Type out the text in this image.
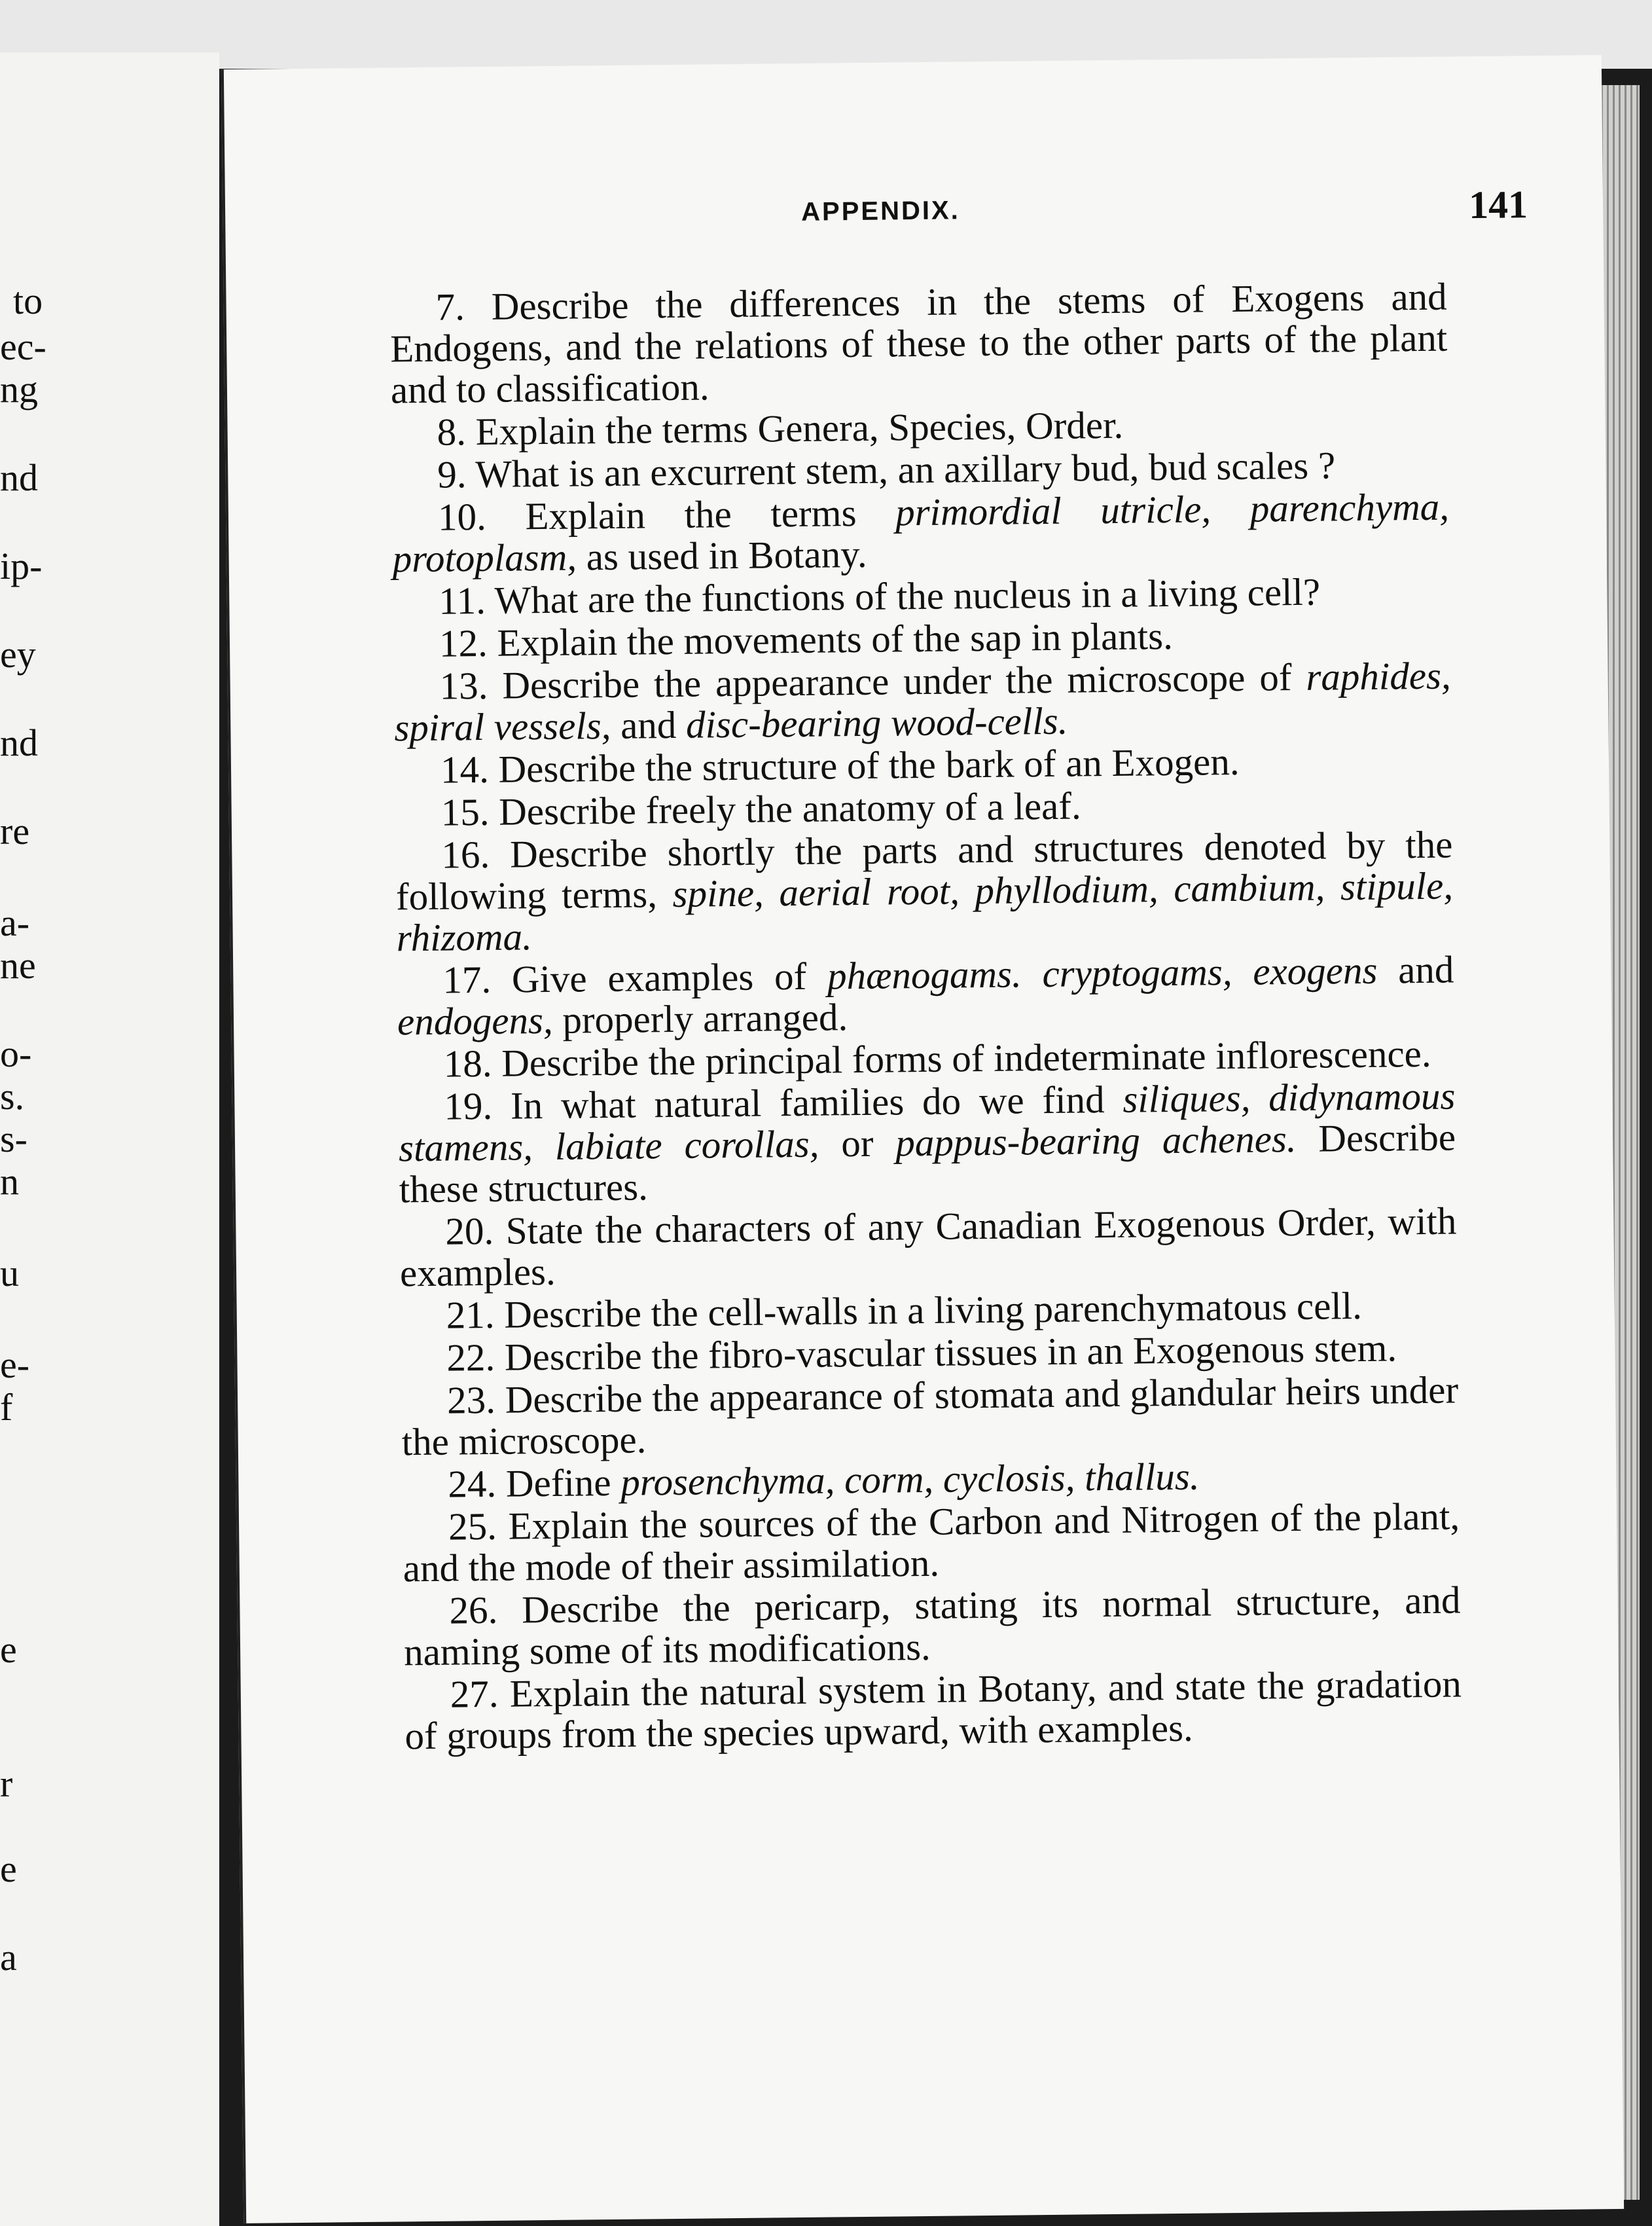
to
ec-
ng
nd
ip-
ey
nd
re
a-
ne
o-
s.
s-
n
u
e-
f
e
r
e
a
APPENDIX.	141

7. Describe the differences in the stems of Exogens and Endogens, and the relations of these to the other parts of the plant and to classification.

8. Explain the terms Genera, Species, Order.

9. What is an excurrent stem, an axillary bud, bud scales ?

10. Explain the terms primordial utricle, parenchyma, protoplasm, as used in Botany.

11. What are the functions of the nucleus in a living cell?

12. Explain the movements of the sap in plants.

13. Describe the appearance under the microscope of raphides, spiral vessels, and disc-bearing wood-cells.

14. Describe the structure of the bark of an Exogen.

15. Describe freely the anatomy of a leaf.

16. Describe shortly the parts and structures denoted by the following terms, spine, aerial root, phyllodium, cambium, stipule, rhizoma.

17. Give examples of phænogams. cryptogams, exogens and endogens, properly arranged.

18. Describe the principal forms of indeterminate inflorescence.

19. In what natural families do we find siliques, didynamous stamens, labiate corollas, or pappus-bearing achenes. Describe these structures.

20. State the characters of any Canadian Exogenous Order, with examples.

21. Describe the cell-walls in a living parenchymatous cell.

22. Describe the fibro-vascular tissues in an Exogenous stem.

23. Describe the appearance of stomata and glandular heirs under the microscope.

24. Define prosenchyma, corm, cyclosis, thallus.

25. Explain the sources of the Carbon and Nitrogen of the plant, and the mode of their assimilation.

26. Describe the pericarp, stating its normal structure, and naming some of its modifications.

27. Explain the natural system in Botany, and state the gradation of groups from the species upward, with examples.
